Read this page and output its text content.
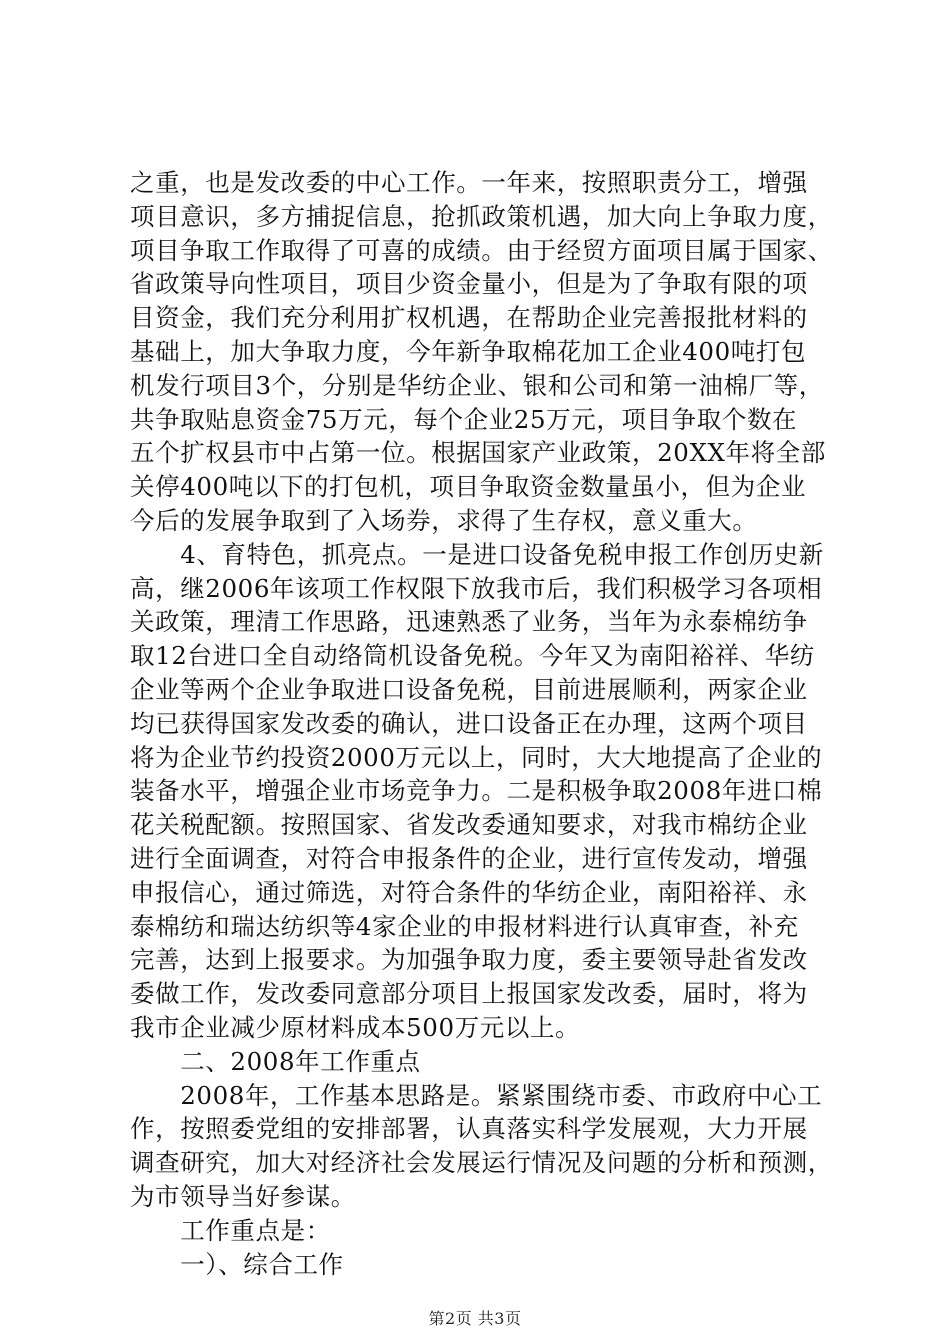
之重，也是发改委的中心工作。一年来，按照职责分工，增强
项目意识，多方捕捉信息，抢抓政策机遇，加大向上争取力度，
项目争取工作取得了可喜的成绩。由于经贸方面项目属于国家、
省政策导向性项目，项目少资金量小，但是为了争取有限的项
目资金，我们充分利用扩权机遇，在帮助企业完善报批材料的
基础上，加大争取力度，今年新争取棉花加工企业400吨打包
机发行项目3个，分别是华纺企业、银和公司和第一油棉厂等，
共争取贴息资金75万元，每个企业25万元，项目争取个数在
五个扩权县市中占第一位。根据国家产业政策，20XX年将全部
关停400吨以下的打包机，项目争取资金数量虽小，但为企业
今后的发展争取到了入场券，求得了生存权，意义重大。
　　4、育特色，抓亮点。一是进口设备免税申报工作创历史新
高，继2006年该项工作权限下放我市后，我们积极学习各项相
关政策，理清工作思路，迅速熟悉了业务，当年为永泰棉纺争
取12台进口全自动络筒机设备免税。今年又为南阳裕祥、华纺
企业等两个企业争取进口设备免税，目前进展顺利，两家企业
均已获得国家发改委的确认，进口设备正在办理，这两个项目
将为企业节约投资2000万元以上，同时，大大地提高了企业的
装备水平，增强企业市场竞争力。二是积极争取2008年进口棉
花关税配额。按照国家、省发改委通知要求，对我市棉纺企业
进行全面调查，对符合申报条件的企业，进行宣传发动，增强
申报信心，通过筛选，对符合条件的华纺企业，南阳裕祥、永
泰棉纺和瑞达纺织等4家企业的申报材料进行认真审查，补充
完善，达到上报要求。为加强争取力度，委主要领导赴省发改
委做工作，发改委同意部分项目上报国家发改委，届时，将为
我市企业减少原材料成本500万元以上。
　　二、2008年工作重点
　　2008年，工作基本思路是。紧紧围绕市委、市政府中心工
作，按照委党组的安排部署，认真落实科学发展观，大力开展
调查研究，加大对经济社会发展运行情况及问题的分析和预测，
为市领导当好参谋。
　　工作重点是：
　　一）、综合工作
第2页 共3页
